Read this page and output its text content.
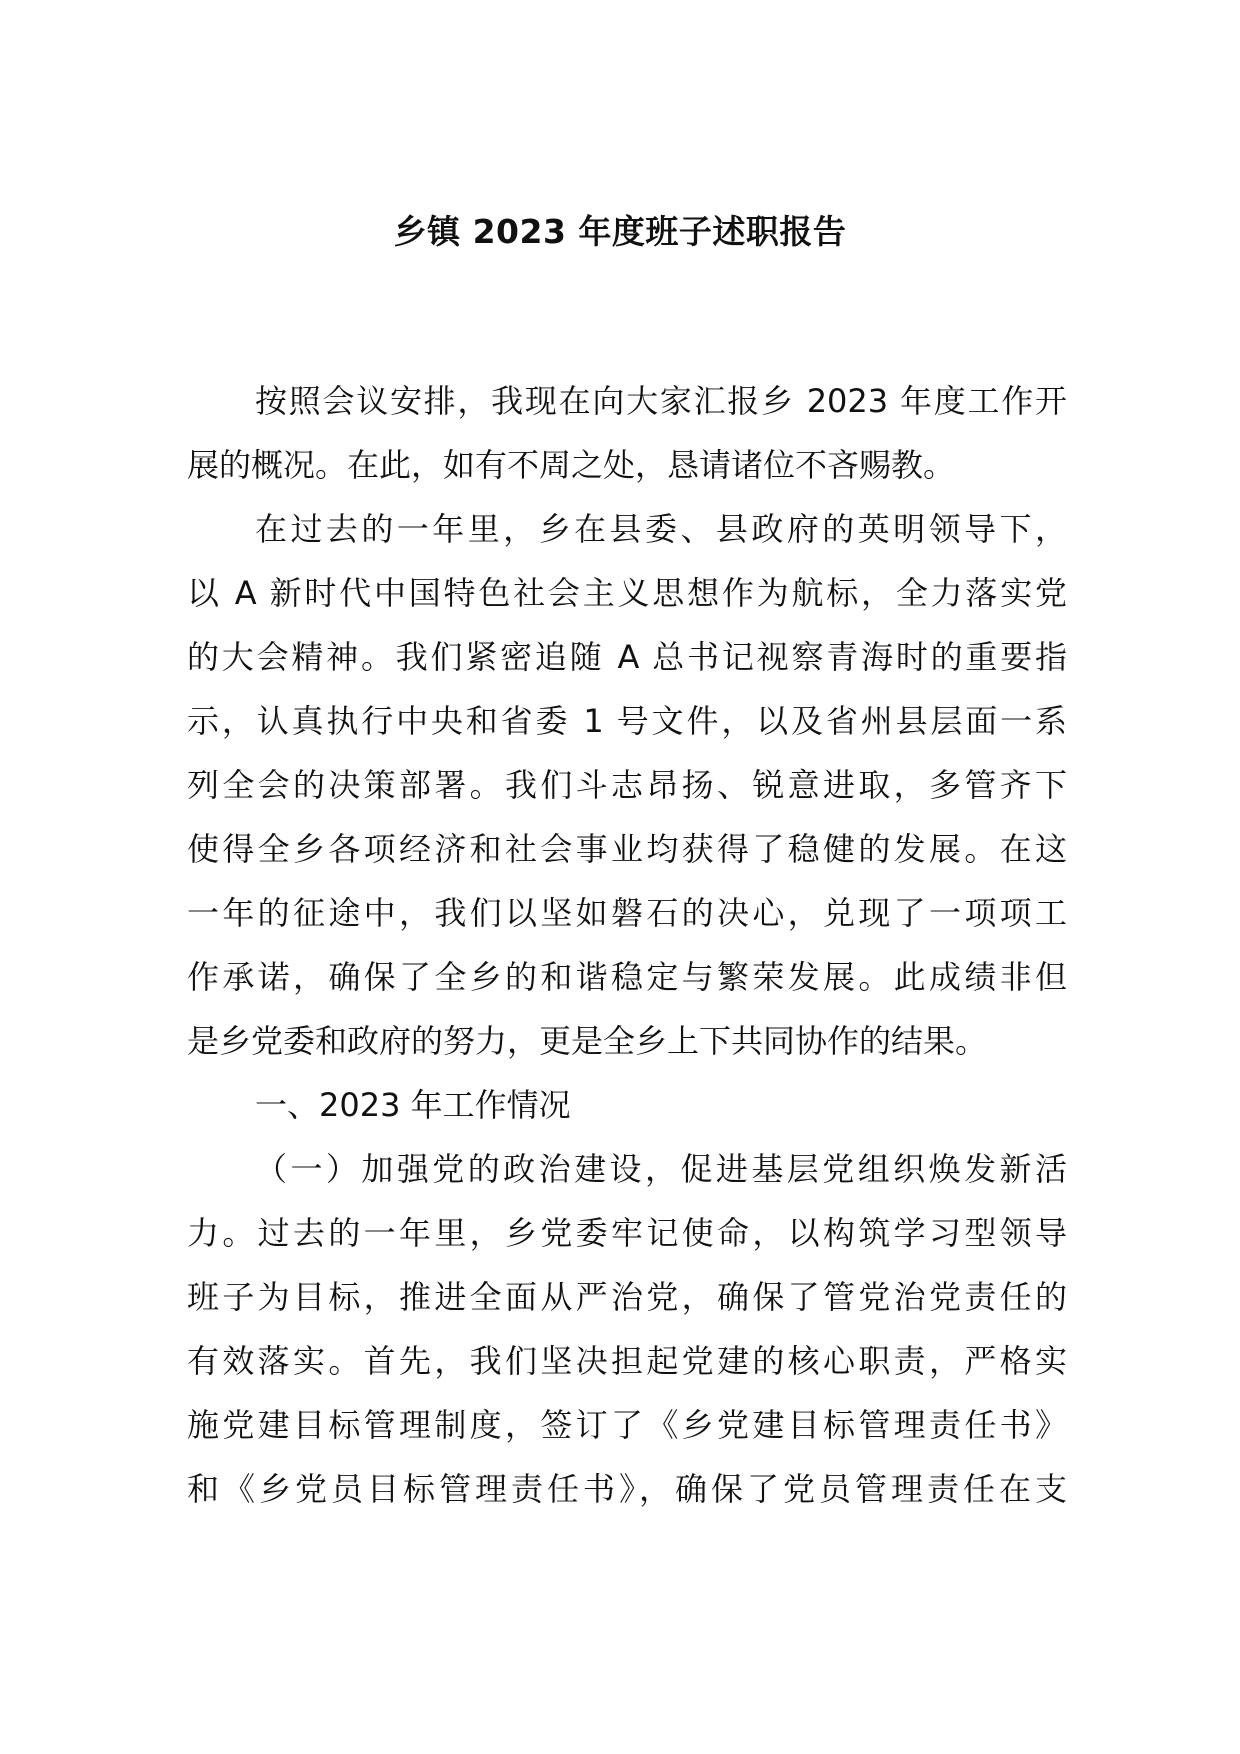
乡镇 2023 年度班子述职报告
按照会议安排，我现在向大家汇报乡 2023 年度工作开
展的概况。在此，如有不周之处，恳请诸位不吝赐教。
在过去的一年里，乡在县委、县政府的英明领导下，
以 A 新时代中国特色社会主义思想作为航标，全力落实党
的大会精神。我们紧密追随 A 总书记视察青海时的重要指
示，认真执行中央和省委 1 号文件，以及省州县层面一系
列全会的决策部署。我们斗志昂扬、锐意进取，多管齐下
使得全乡各项经济和社会事业均获得了稳健的发展。在这
一年的征途中，我们以坚如磐石的决心，兑现了一项项工
作承诺，确保了全乡的和谐稳定与繁荣发展。此成绩非但
是乡党委和政府的努力，更是全乡上下共同协作的结果。
一、2023 年工作情况
（一）加强党的政治建设，促进基层党组织焕发新活
力。过去的一年里，乡党委牢记使命，以构筑学习型领导
班子为目标，推进全面从严治党，确保了管党治党责任的
有效落实。首先，我们坚决担起党建的核心职责，严格实
施党建目标管理制度，签订了《乡党建目标管理责任书》
和《乡党员目标管理责任书》，确保了党员管理责任在支
